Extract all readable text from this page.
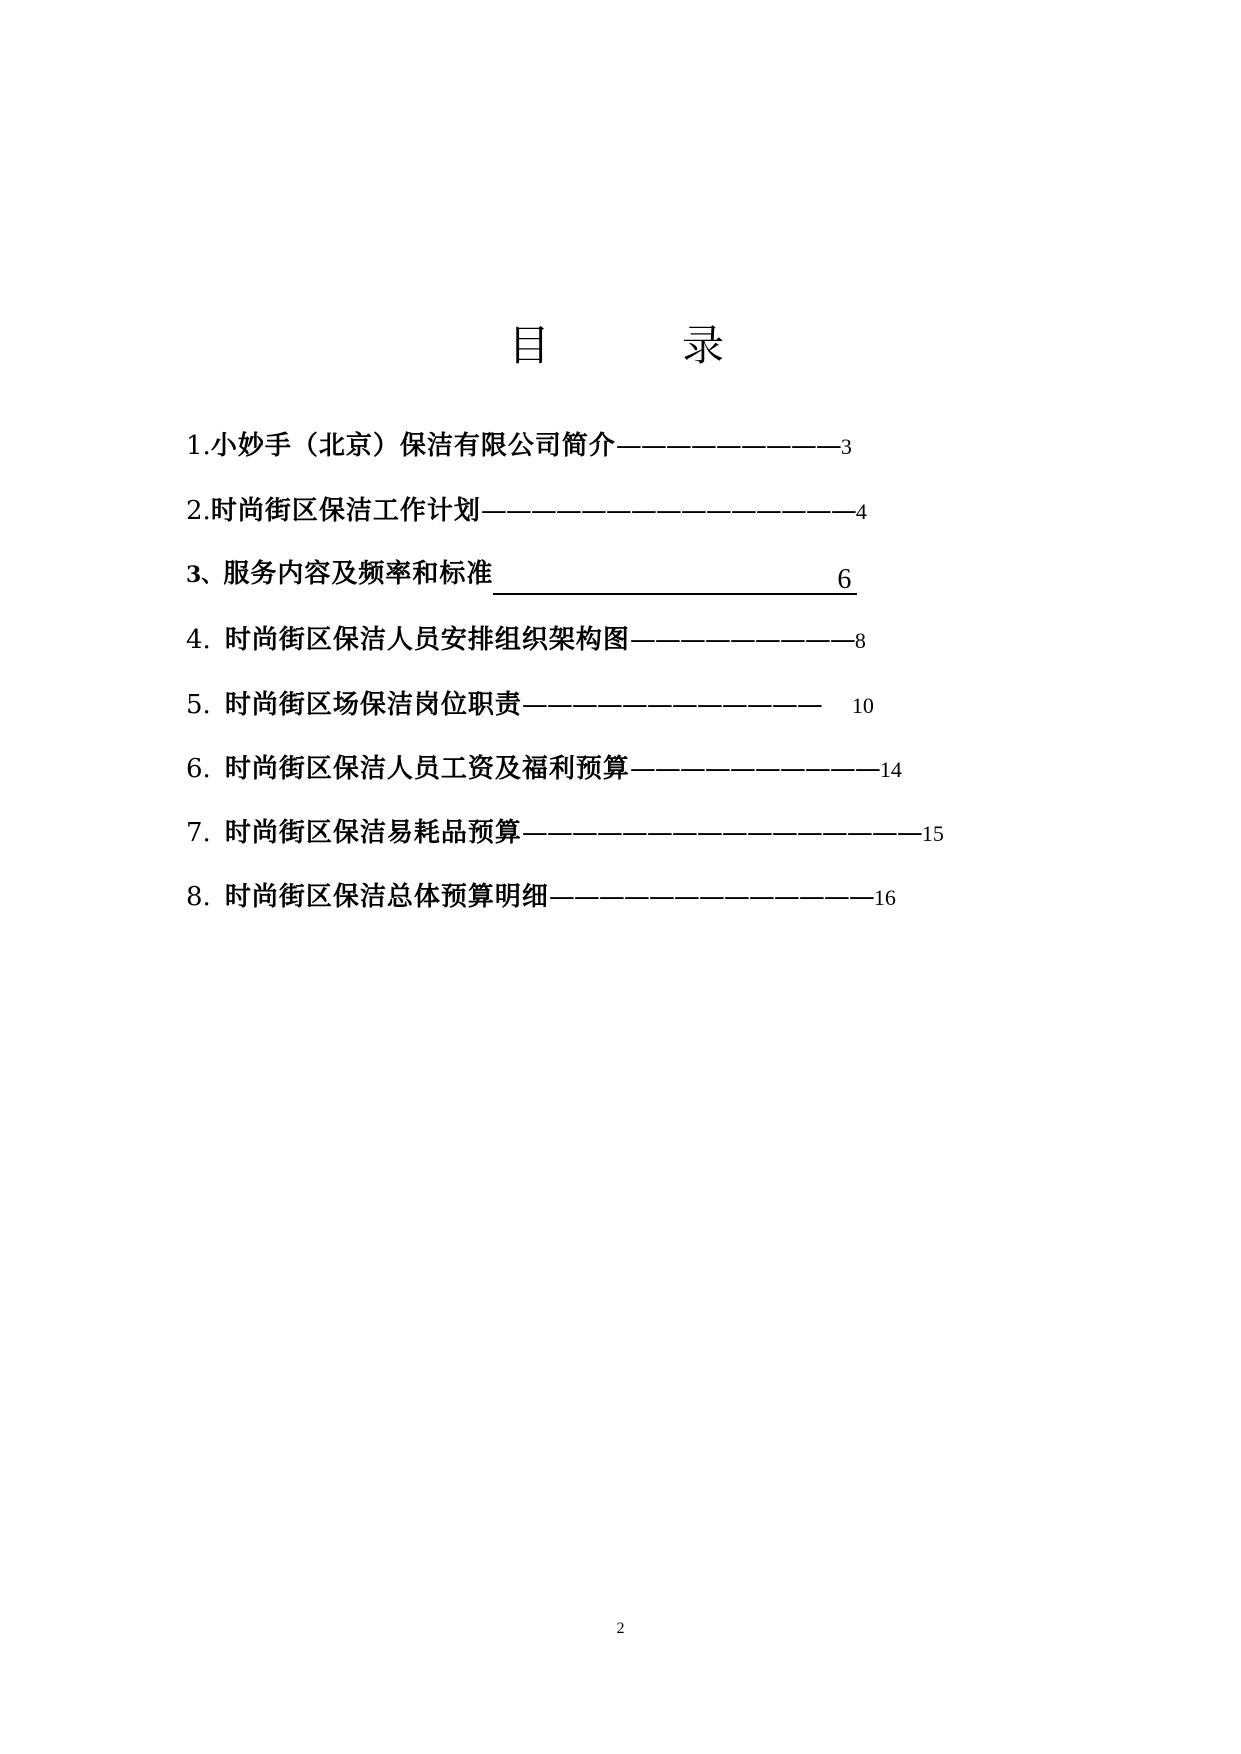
目	录
1.小妙手（北京）保洁有限公司简介—————————3
2.时尚街区保洁工作计划———————————————4
3、服务内容及频率和标准	6
4. 时尚街区保洁人员安排组织架构图—————————8
5. 时尚街区场保洁岗位职责———————————— 10
6. 时尚街区保洁人员工资及福利预算——————————14
7. 时尚街区保洁易耗品预算————————————————15
8. 时尚街区保洁总体预算明细—————————————16
2
